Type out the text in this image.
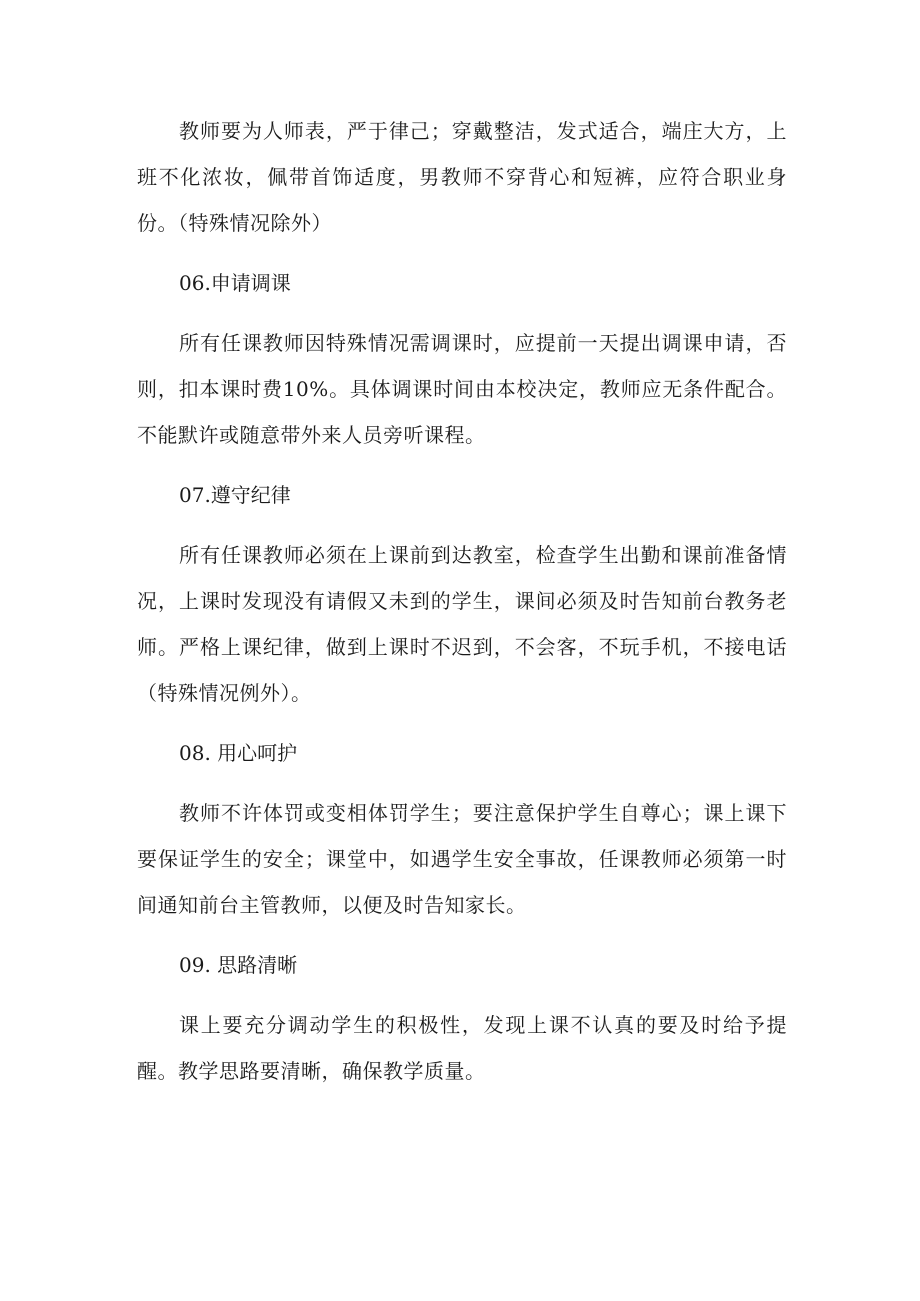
教师要为人师表，严于律己；穿戴整洁，发式适合，端庄大方，上班不化浓妆，佩带首饰适度，男教师不穿背心和短裤，应符合职业身份。（特殊情况除外）

06.申请调课

所有任课教师因特殊情况需调课时，应提前一天提出调课申请，否则，扣本课时费10%。具体调课时间由本校决定，教师应无条件配合。不能默许或随意带外来人员旁听课程。

07.遵守纪律

所有任课教师必须在上课前到达教室，检查学生出勤和课前准备情况，上课时发现没有请假又未到的学生，课间必须及时告知前台教务老师。严格上课纪律，做到上课时不迟到，不会客，不玩手机，不接电话（特殊情况例外）。

08. 用心呵护

教师不许体罚或变相体罚学生；要注意保护学生自尊心；课上课下要保证学生的安全；课堂中，如遇学生安全事故，任课教师必须第一时间通知前台主管教师，以便及时告知家长。

09. 思路清晰

课上要充分调动学生的积极性，发现上课不认真的要及时给予提醒。教学思路要清晰，确保教学质量。
